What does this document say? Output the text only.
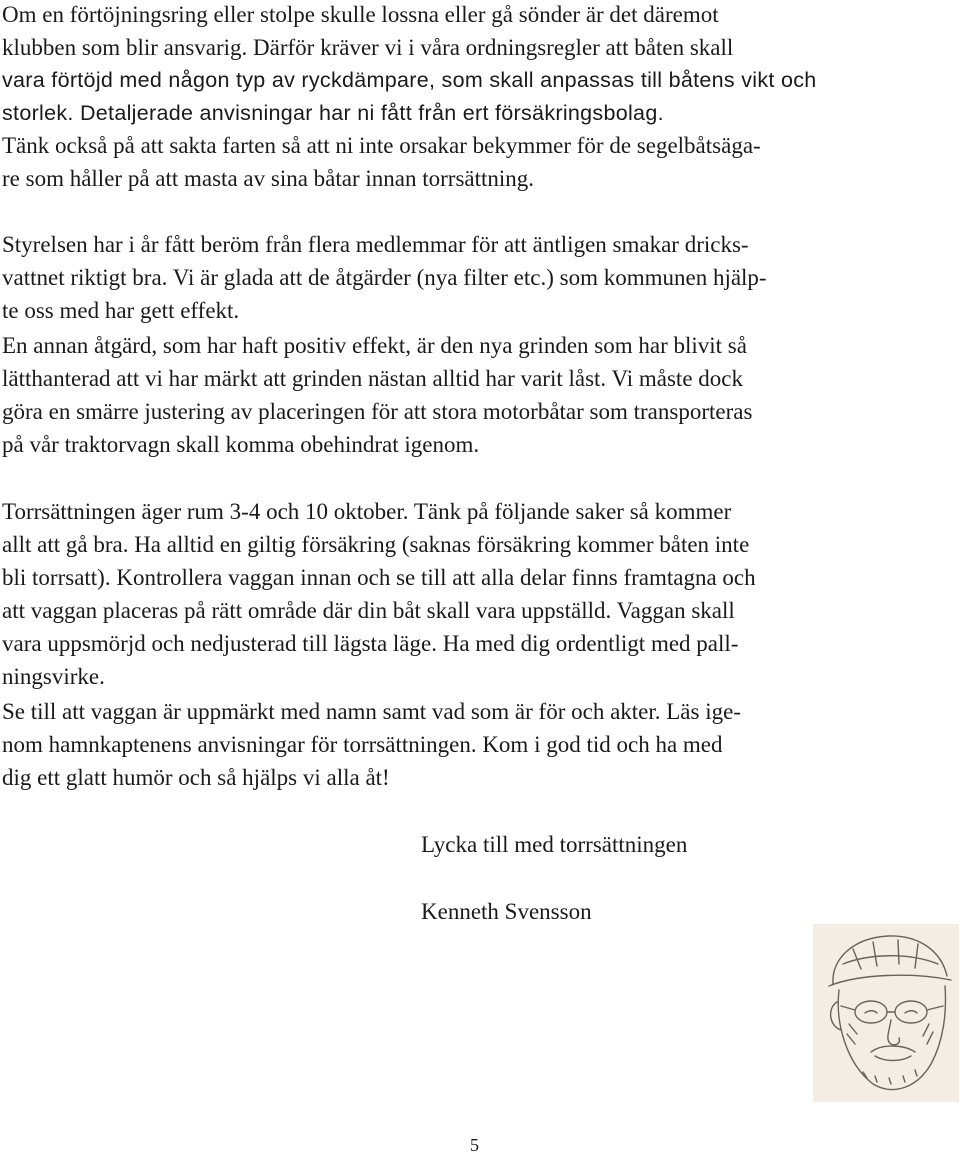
Om en förtöjningsring eller stolpe skulle lossna eller gå sönder är det däremot
klubben som blir ansvarig. Därför kräver vi i våra ordningsregler att båten skall
vara förtöjd med någon typ av ryckdämpare, som skall anpassas till båtens vikt och
storlek. Detaljerade anvisningar har ni fått från ert försäkringsbolag.
Tänk också på att sakta farten så att ni inte orsakar bekymmer för de segelbåtsäga-
re som håller på att masta av sina båtar innan torrsättning.
Styrelsen har i år fått beröm från flera medlemmar för att äntligen smakar dricks-
vattnet riktigt bra. Vi är glada att de åtgärder (nya filter etc.) som kommunen hjälp-
te oss med har gett effekt.
En annan åtgärd, som har haft positiv effekt, är den nya grinden som har blivit så
lätthanterad att vi har märkt att grinden nästan alltid har varit låst. Vi måste dock
göra en smärre justering av placeringen för att stora motorbåtar som transporteras
på vår traktorvagn skall komma obehindrat igenom.
Torrsättningen äger rum 3-4 och 10 oktober. Tänk på följande saker så kommer
allt att gå bra. Ha alltid en giltig försäkring (saknas försäkring kommer båten inte
bli torrsatt). Kontrollera vaggan innan och se till att alla delar finns framtagna och
att vaggan placeras på rätt område där din båt skall vara uppställd. Vaggan skall
vara uppsmörjd och nedjusterad till lägsta läge. Ha med dig ordentligt med pall-
ningsvirke.
Se till att vaggan är uppmärkt med namn samt vad som är för och akter. Läs ige-
nom hamnkaptenens anvisningar för torrsättningen. Kom i god tid och ha med
dig ett glatt humör och så hjälps vi alla åt!
Lycka till med torrsättningen
Kenneth Svensson
5
